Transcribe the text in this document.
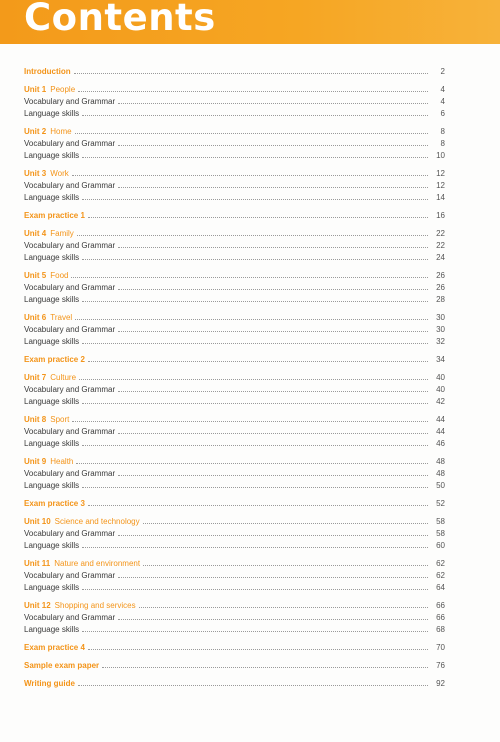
Contents
Introduction	2
Unit 1 People	4
Vocabulary and Grammar	4
Language skills	6
Unit 2 Home	8
Vocabulary and Grammar	8
Language skills	10
Unit 3 Work	12
Vocabulary and Grammar	12
Language skills	14
Exam practice 1	16
Unit 4 Family	22
Vocabulary and Grammar	22
Language skills	24
Unit 5 Food	26
Vocabulary and Grammar	26
Language skills	28
Unit 6 Travel	30
Vocabulary and Grammar	30
Language skills	32
Exam practice 2	34
Unit 7 Culture	40
Vocabulary and Grammar	40
Language skills	42
Unit 8 Sport	44
Vocabulary and Grammar	44
Language skills	46
Unit 9 Health	48
Vocabulary and Grammar	48
Language skills	50
Exam practice 3	52
Unit 10 Science and technology	58
Vocabulary and Grammar	58
Language skills	60
Unit 11 Nature and environment	62
Vocabulary and Grammar	62
Language skills	64
Unit 12 Shopping and services	66
Vocabulary and Grammar	66
Language skills	68
Exam practice 4	70
Sample exam paper	76
Writing guide	92
